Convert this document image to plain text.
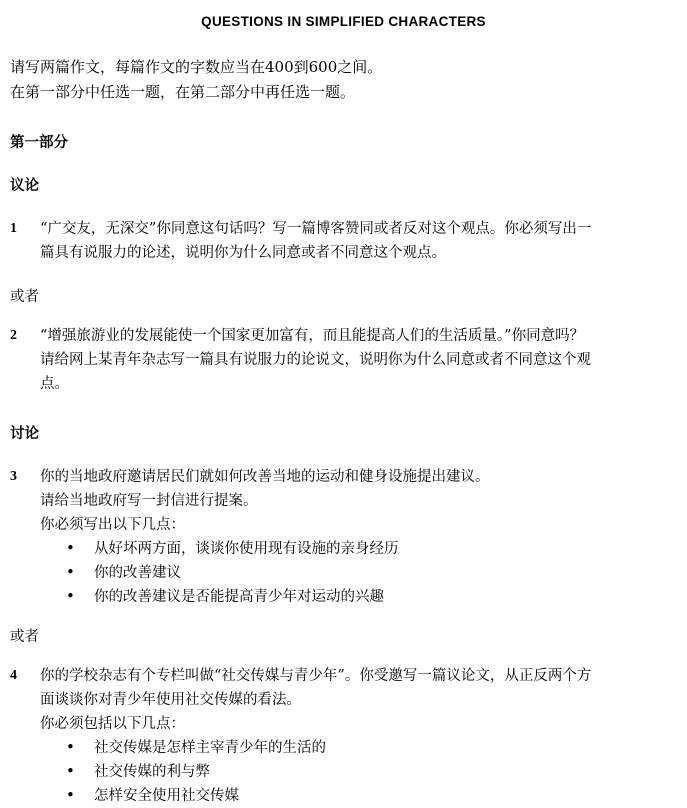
QUESTIONS IN SIMPLIFIED CHARACTERS
请写两篇作文，每篇作文的字数应当在400到600之间。
在第一部分中任选一题，在第二部分中再任选一题。
第一部分
议论
1 “广交友，无深交”你同意这句话吗？写一篇博客赞同或者反对这个观点。你必须写出一
篇具有说服力的论述，说明你为什么同意或者不同意这个观点。
或者
2 “增强旅游业的发展能使一个国家更加富有，而且能提高人们的生活质量。”你同意吗？
请给网上某青年杂志写一篇具有说服力的论说文，说明你为什么同意或者不同意这个观
点。
讨论
3 你的当地政府邀请居民们就如何改善当地的运动和健身设施提出建议。
请给当地政府写一封信进行提案。
你必须写出以下几点：
• 从好坏两方面，谈谈你使用现有设施的亲身经历
• 你的改善建议
• 你的改善建议是否能提高青少年对运动的兴趣
或者
4 你的学校杂志有个专栏叫做“社交传媒与青少年”。你受邀写一篇议论文，从正反两个方
面谈谈你对青少年使用社交传媒的看法。
你必须包括以下几点：
• 社交传媒是怎样主宰青少年的生活的
• 社交传媒的利与弊
• 怎样安全使用社交传媒
